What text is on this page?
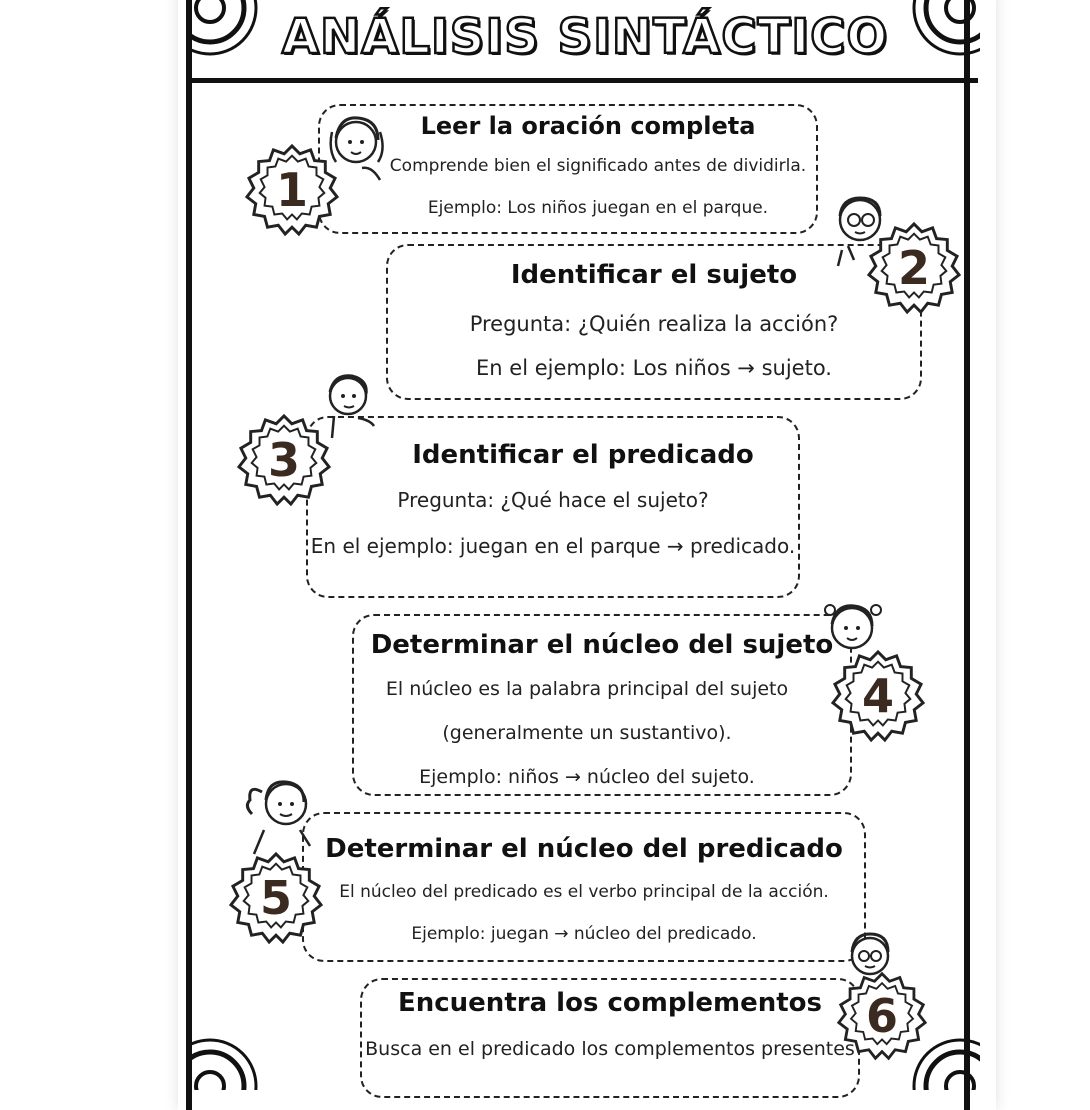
ANÁLISIS SINTÁCTICO
Leer la oración completa
Comprende bien el significado antes de dividirla.
Ejemplo: Los niños juegan en el parque.
Identificar el sujeto
Pregunta: ¿Quién realiza la acción?
En el ejemplo: Los niños → sujeto.
Identificar el predicado
Pregunta: ¿Qué hace el sujeto?
En el ejemplo: juegan en el parque → predicado.
Determinar el núcleo del sujeto
El núcleo es la palabra principal del sujeto
(generalmente un sustantivo).
Ejemplo: niños → núcleo del sujeto.
Determinar el núcleo del predicado
El núcleo del predicado es el verbo principal de la acción.
Ejemplo: juegan → núcleo del predicado.
Encuentra los complementos
Busca en el predicado los complementos presentes
1
2
3
4
5
6
